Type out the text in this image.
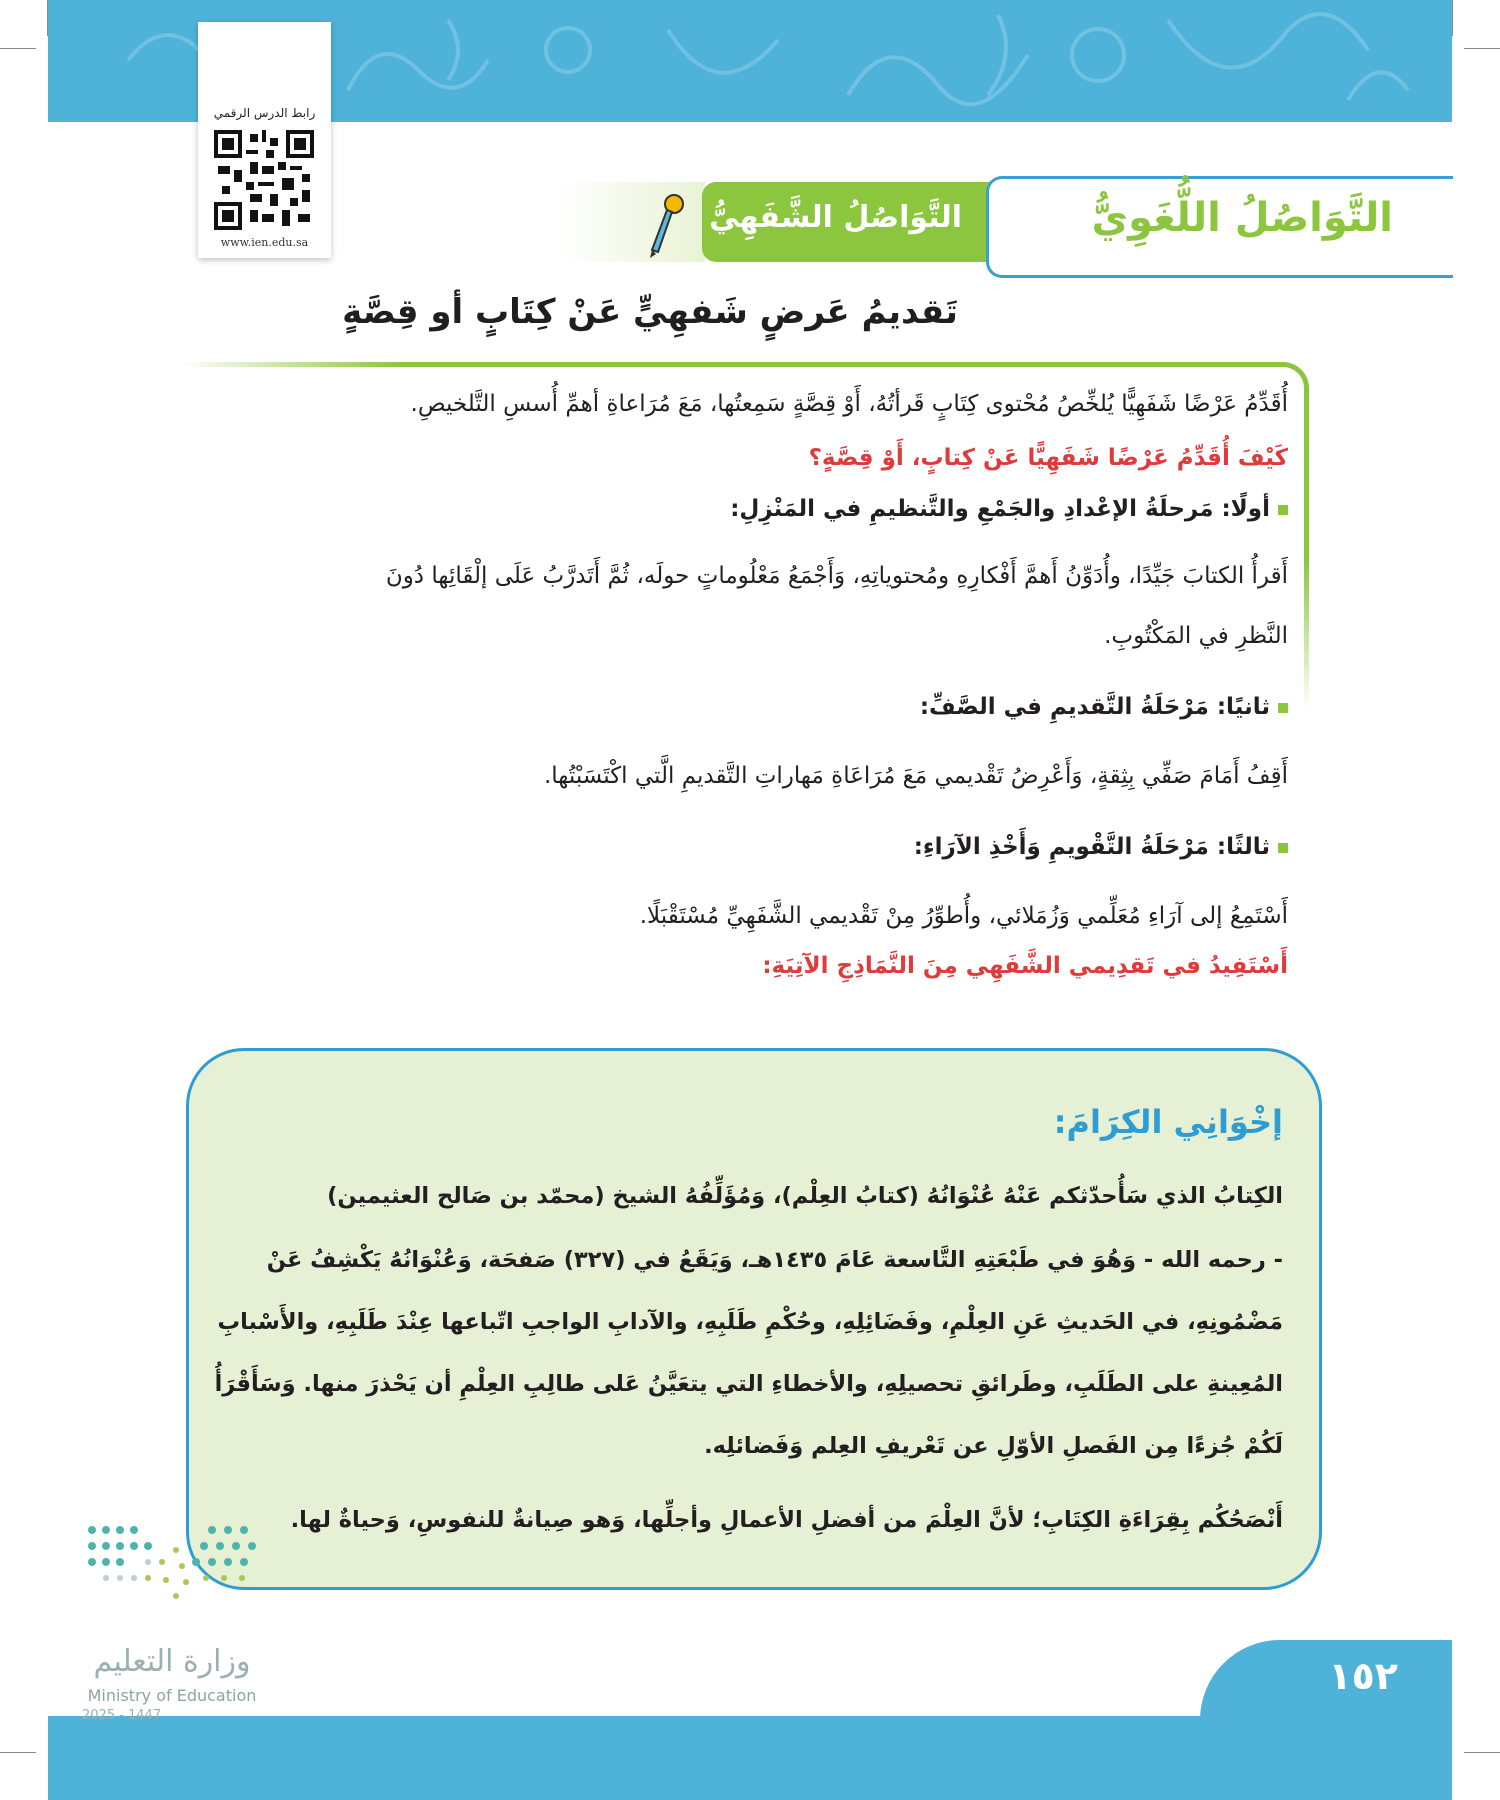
رابط الدرس الرقمي
www.ien.edu.sa
التَّوَاصُلُ الشَّفَهِيُّ	التَّوَاصُلُ اللُّغَوِيُّ
تَقديمُ عَرضٍ شَفهِيٍّ عَنْ كِتَابٍ أو قِصَّةٍ
أُقَدِّمُ عَرْضًا شَفَهِيًّا يُلخِّصُ مُحْتوى كِتَابٍ قَرأتُهُ، أَوْ قِصَّةٍ سَمِعتُها، مَعَ مُرَاعاةِ أهمِّ أُسسِ التَّلخيصِ.
كَيْفَ أُقَدِّمُ عَرْضًا شَفَهِيًّا عَنْ كِتابٍ، أَوْ قِصَّةٍ؟
أولًا: مَرحلَةُ الإعْدادِ والجَمْعِ والتَّنظيمِ في المَنْزِلِ:
أَقرأُ الكتابَ جَيِّدًا، وأُدَوِّنُ أَهمَّ أَفْكارِهِ ومُحتوياتِهِ، وَأَجْمَعُ مَعْلُوماتٍ حولَه، ثُمَّ أَتَدرَّبُ عَلَى إلْقَائِها دُونَ
النَّظرِ في المَكْتُوبِ.
ثانيًا: مَرْحَلَةُ التَّقديمِ في الصَّفِّ:
أَقِفُ أَمَامَ صَفِّي بِثِقةٍ، وَأَعْرِضُ تَقْديمي مَعَ مُرَاعَاةِ مَهاراتِ التَّقديمِ الَّتي اكْتَسَبْتُها.
ثالثًا: مَرْحَلَةُ التَّقْويمِ وَأَخْذِ الآرَاءِ:
أَسْتَمِعُ إلى آرَاءِ مُعَلِّمي وَزُمَلائي، وأُطوِّرُ مِنْ تَقْديمي الشَّفَهِيِّ مُسْتَقْبَلًا.
أَسْتَفِيدُ في تَقدِيمي الشَّفَهِي مِنَ النَّمَاذِجِ الآتِيَةِ:
إخْوَانِي الكِرَامَ:
الكِتابُ الذي سَأُحدّثكم عَنْهُ عُنْوَانُهُ (كتابُ العِلْم)، وَمُؤَلِّفُهُ الشيخ (محمّد بن صَالح العثيمين)
- رحمه الله - وَهُوَ في طَبْعَتِهِ التَّاسعة عَامَ ١٤٣٥هـ، وَيَقَعُ في (٣٢٧) صَفحَة، وَعُنْوَانُهُ يَكْشِفُ عَنْ
مَضْمُونِهِ، في الحَديثِ عَنِ العِلْمِ، وفَضَائِلِهِ، وحُكْمِ طَلَبِهِ، والآدابِ الواجبِ اتّباعها عِنْدَ طَلَبِهِ، والأَسْبابِ
المُعِينةِ على الطَلَبِ، وطَرائقِ تحصيلِهِ، والأخطاءِ التي يتعَيَّنُ عَلى طالِبِ العِلْمِ أن يَحْذرَ منها. وَسَأَقْرَأُ
لَكُمْ جُزءًا مِن الفَصلِ الأوّلِ عن تَعْريفِ العِلم وَفَضائلِه.
أَنْصَحُكُم بِقِرَاءَةِ الكِتَابِ؛ لأنَّ العِلْمَ من أفضلِ الأعمالِ وأجلِّها، وَهو صِيانةٌ للنفوسِ، وَحياةٌ لها.
١٥٢
وزارة التعليم
Ministry of Education
2025 - 1447
